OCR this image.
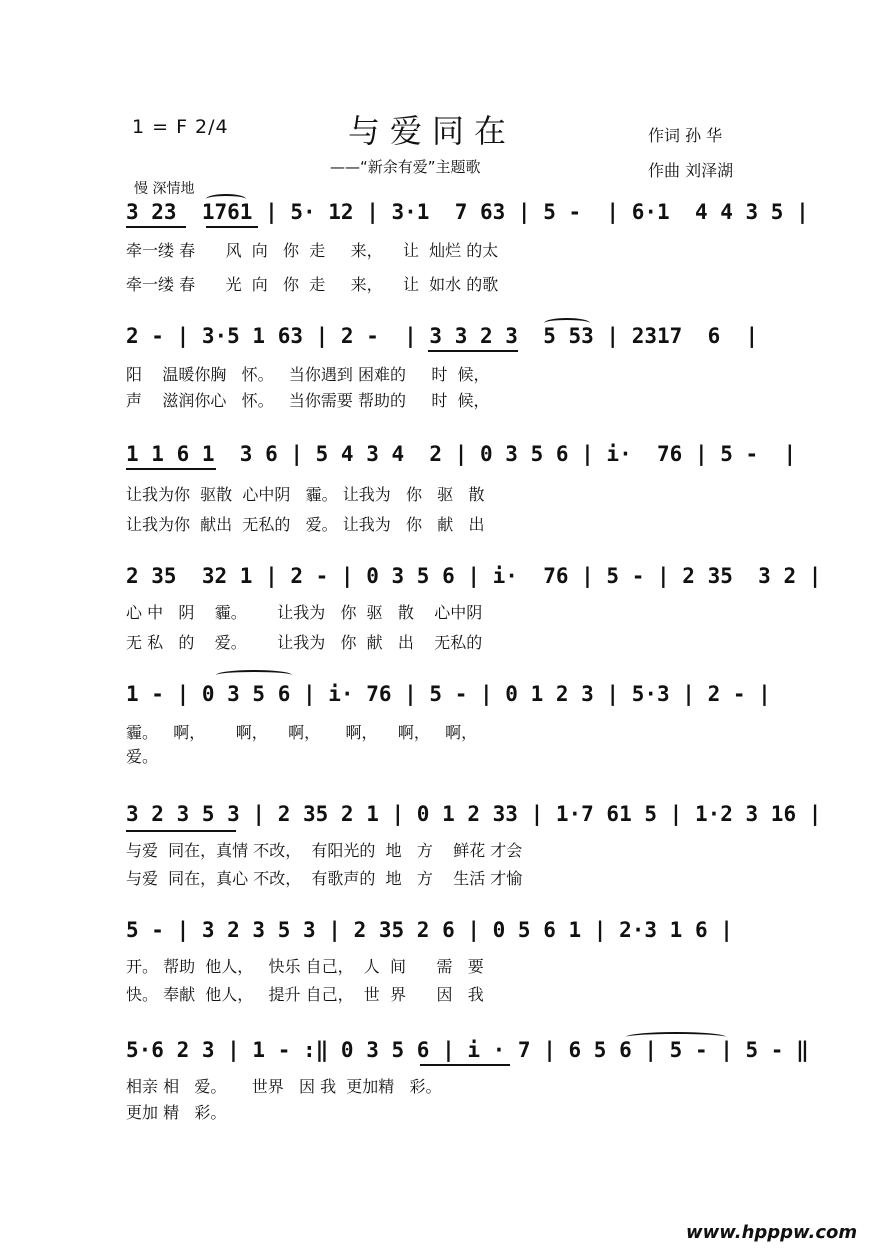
1 = F 2/4	与爱同在
——“新余有爱”主题歌
作词 孙 华
作曲 刘泽湖
慢 深情地
3 23  1761 | 5· 12 | 3·1  7 63 | 5 -  | 6·1  4 4 3 5 |
牵一缕 春      风  向   你  走     来，    让  灿烂 的太
牵一缕 春      光  向   你  走     来，    让  如水 的歌
2 - | 3·5 1 63 | 2 -  | 3 3 2 3  5 53 | 2317  6  |
阳    温暖你胸   怀。   当你遇到 困难的     时  候，
声    滋润你心   怀。   当你需要 帮助的     时  候，
1 1 6 1  3 6 | 5 4 3 4  2 | 0 3 5 6 | i·  76 | 5 -  |
让我为你  驱散  心中阴   霾。 让我为   你   驱   散
让我为你  献出  无私的   爱。 让我为   你   献   出
2 35  32 1 | 2 - | 0 3 5 6 | i·  76 | 5 - | 2 35  3 2 |
心 中   阴    霾。      让我为   你  驱   散    心中阴
无 私   的    爱。      让我为   你  献   出    无私的
1 - | 0 3 5 6 | i· 76 | 5 - | 0 1 2 3 | 5·3 | 2 - |
霾。   啊，      啊，    啊，     啊，    啊，   啊，
爱。
3 2 3 5 3 | 2 35 2 1 | 0 1 2 33 | 1·7 61 5 | 1·2 3 16 |
与爱  同在，真情 不改，  有阳光的  地   方    鲜花 才会
与爱  同在，真心 不改，  有歌声的  地   方    生活 才愉
5 - | 3 2 3 5 3 | 2 35 2 6 | 0 5 6 1 | 2·3 1 6 |
开。 帮助  他人，   快乐 自己，  人  间      需   要
快。 奉献  他人，   提升 自己，  世  界      因   我
5·6 2 3 | 1 - :‖ 0 3 5 6 | i · 7 | 6 5 6 | 5 - | 5 - ‖
相亲 相   爱。     世界   因 我  更加精   彩。
更加 精   彩。
www.hpppw.com
